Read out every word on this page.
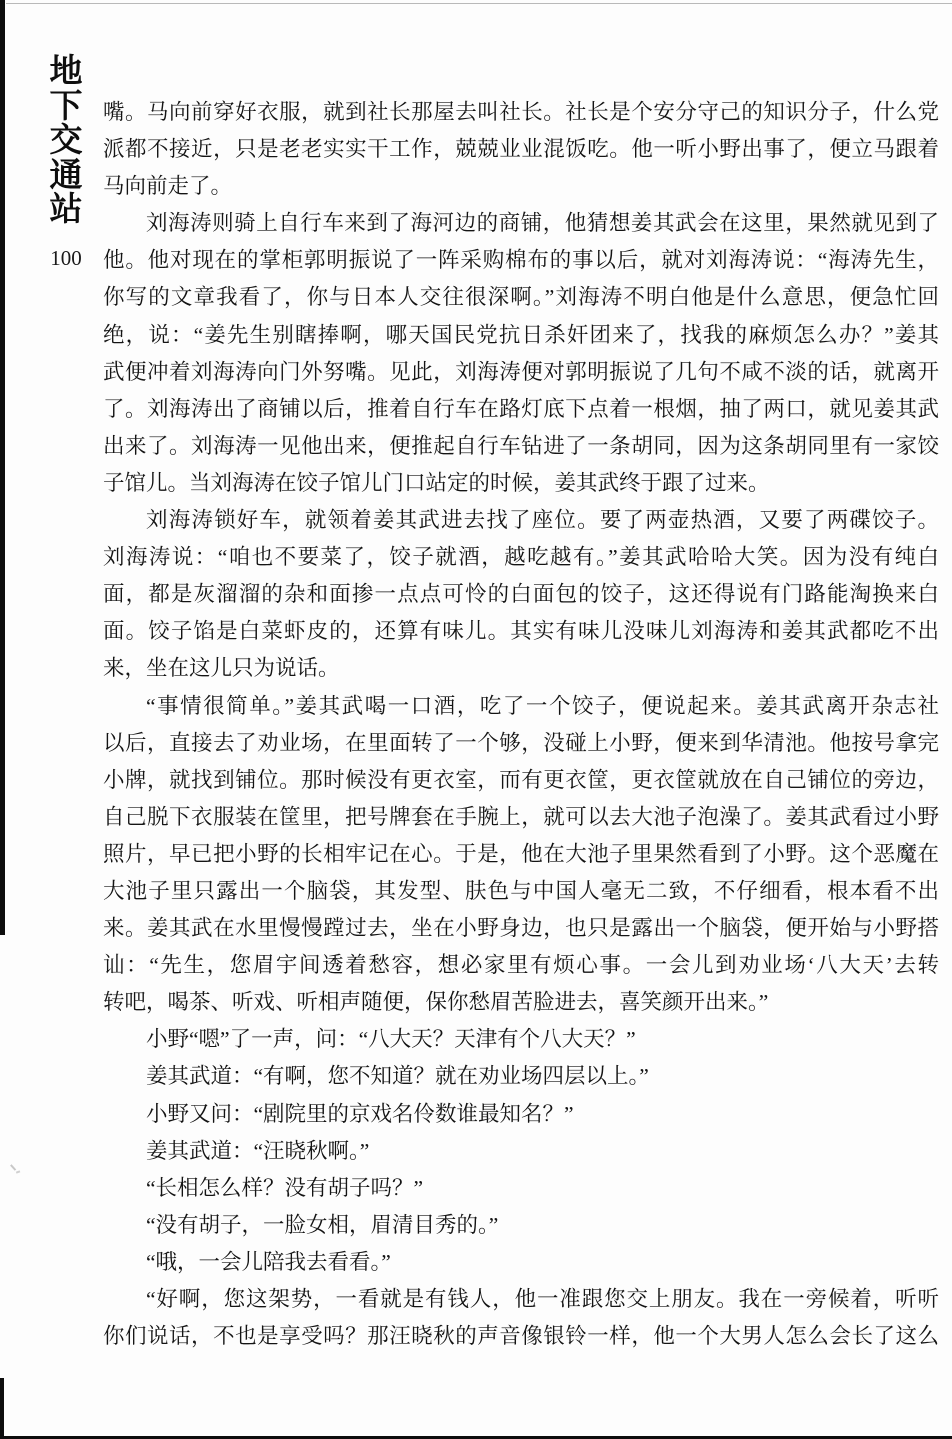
地
下
交
通
站
100
嘴。马向前穿好衣服，就到社长那屋去叫社长。社长是个安分守己的知识分子，什么党
派都不接近，只是老老实实干工作，兢兢业业混饭吃。他一听小野出事了，便立马跟着
马向前走了。
刘海涛则骑上自行车来到了海河边的商铺，他猜想姜其武会在这里，果然就见到了
他。他对现在的掌柜郭明振说了一阵采购棉布的事以后，就对刘海涛说：“海涛先生，
你写的文章我看了，你与日本人交往很深啊。”刘海涛不明白他是什么意思，便急忙回
绝，说：“姜先生别瞎捧啊，哪天国民党抗日杀奸团来了，找我的麻烦怎么办？”姜其
武便冲着刘海涛向门外努嘴。见此，刘海涛便对郭明振说了几句不咸不淡的话，就离开
了。刘海涛出了商铺以后，推着自行车在路灯底下点着一根烟，抽了两口，就见姜其武
出来了。刘海涛一见他出来，便推起自行车钻进了一条胡同，因为这条胡同里有一家饺
子馆儿。当刘海涛在饺子馆儿门口站定的时候，姜其武终于跟了过来。
刘海涛锁好车，就领着姜其武进去找了座位。要了两壶热酒，又要了两碟饺子。
刘海涛说：“咱也不要菜了，饺子就酒，越吃越有。”姜其武哈哈大笑。因为没有纯白
面，都是灰溜溜的杂和面掺一点点可怜的白面包的饺子，这还得说有门路能淘换来白
面。饺子馅是白菜虾皮的，还算有味儿。其实有味儿没味儿刘海涛和姜其武都吃不出
来，坐在这儿只为说话。
“事情很简单。”姜其武喝一口酒，吃了一个饺子，便说起来。姜其武离开杂志社
以后，直接去了劝业场，在里面转了一个够，没碰上小野，便来到华清池。他按号拿完
小牌，就找到铺位。那时候没有更衣室，而有更衣筐，更衣筐就放在自己铺位的旁边，
自己脱下衣服装在筐里，把号牌套在手腕上，就可以去大池子泡澡了。姜其武看过小野
照片，早已把小野的长相牢记在心。于是，他在大池子里果然看到了小野。这个恶魔在
大池子里只露出一个脑袋，其发型、肤色与中国人毫无二致，不仔细看，根本看不出
来。姜其武在水里慢慢蹚过去，坐在小野身边，也只是露出一个脑袋，便开始与小野搭
讪：“先生，您眉宇间透着愁容，想必家里有烦心事。一会儿到劝业场‘八大天’去转
转吧，喝茶、听戏、听相声随便，保你愁眉苦脸进去，喜笑颜开出来。”
小野“嗯”了一声，问：“八大天？天津有个八大天？”
姜其武道：“有啊，您不知道？就在劝业场四层以上。”
小野又问：“剧院里的京戏名伶数谁最知名？”
姜其武道：“汪晓秋啊。”
“长相怎么样？没有胡子吗？”
“没有胡子，一脸女相，眉清目秀的。”
“哦，一会儿陪我去看看。”
“好啊，您这架势，一看就是有钱人，他一准跟您交上朋友。我在一旁候着，听听
你们说话，不也是享受吗？那汪晓秋的声音像银铃一样，他一个大男人怎么会长了这么
